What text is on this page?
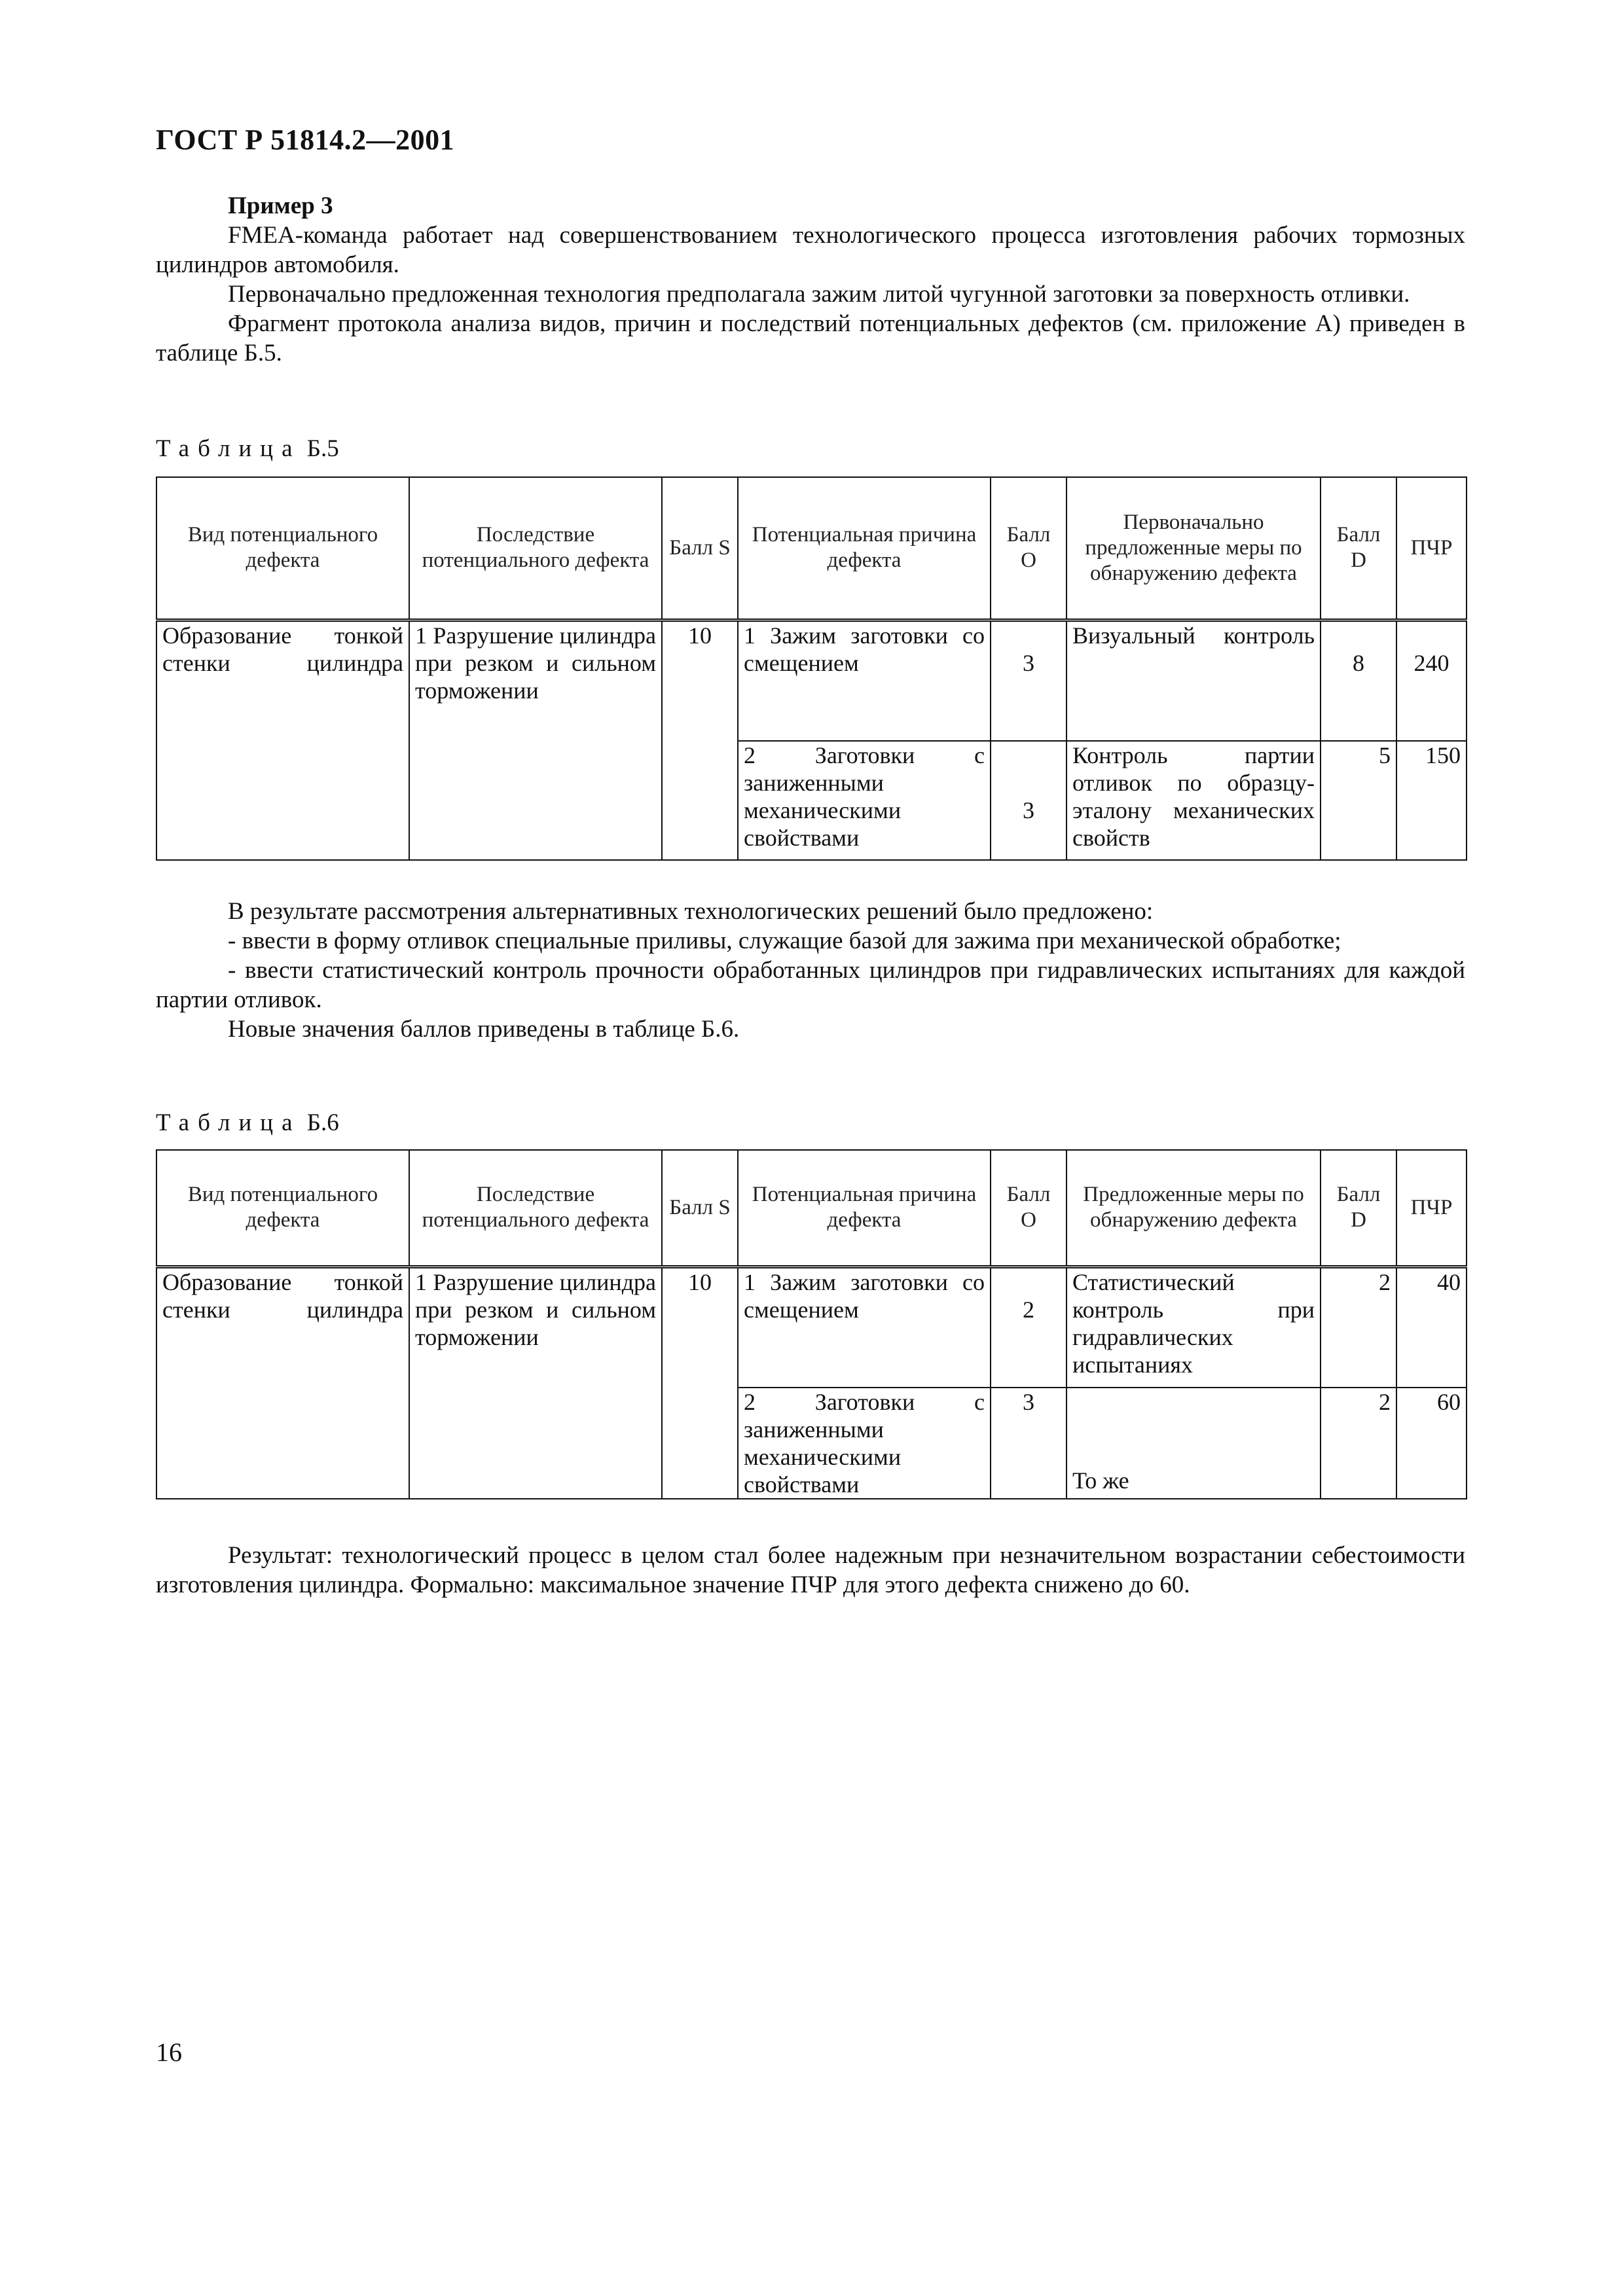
ГОСТ Р 51814.2—2001

Пример 3

FMEA-команда работает над совершенствованием технологического процесса изготовления рабочих тормозных цилиндров автомобиля.

Первоначально предложенная технология предполагала зажим литой чугунной заготовки за поверхность отливки.

Фрагмент протокола анализа видов, причин и последствий потенциальных дефектов (см. приложение А) приведен в таблице Б.5.

Таблица Б.5
Вид потенциального дефекта	Последствие потенциального дефекта	Балл S	Потенциальная причина дефекта	Балл O	Первоначально предложенные меры по обнаружению дефекта	Балл D	ПЧР
Образование тонкой стенки цилиндра	1 Разрушение цилиндра при резком и сильном торможении	10	1 Зажим заготовки со смещением	3	Визуальный контроль	8	240
			2 Заготовки с заниженными механическими свойствами	3	Контроль партии отливок по образцу-эталону механических свойств	5	150

В результате рассмотрения альтернативных технологических решений было предложено:

- ввести в форму отливок специальные приливы, служащие базой для зажима при механической обработке;

- ввести статистический контроль прочности обработанных цилиндров при гидравлических испытаниях для каждой партии отливок.

Новые значения баллов приведены в таблице Б.6.

Таблица Б.6
Вид потенциального дефекта	Последствие потенциального дефекта	Балл S	Потенциальная причина дефекта	Балл O	Предложенные меры по обнаружению дефекта	Балл D	ПЧР
Образование тонкой стенки цилиндра	1 Разрушение цилиндра при резком и сильном торможении	10	1 Зажим заготовки со смещением	2	Статистический контроль при гидравлических испытаниях	2	40
			2 Заготовки с заниженными механическими свойствами	3	То же	2	60

Результат: технологический процесс в целом стал более надежным при незначительном возрастании себестоимости изготовления цилиндра. Формально: максимальное значение ПЧР для этого дефекта снижено до 60.

16
